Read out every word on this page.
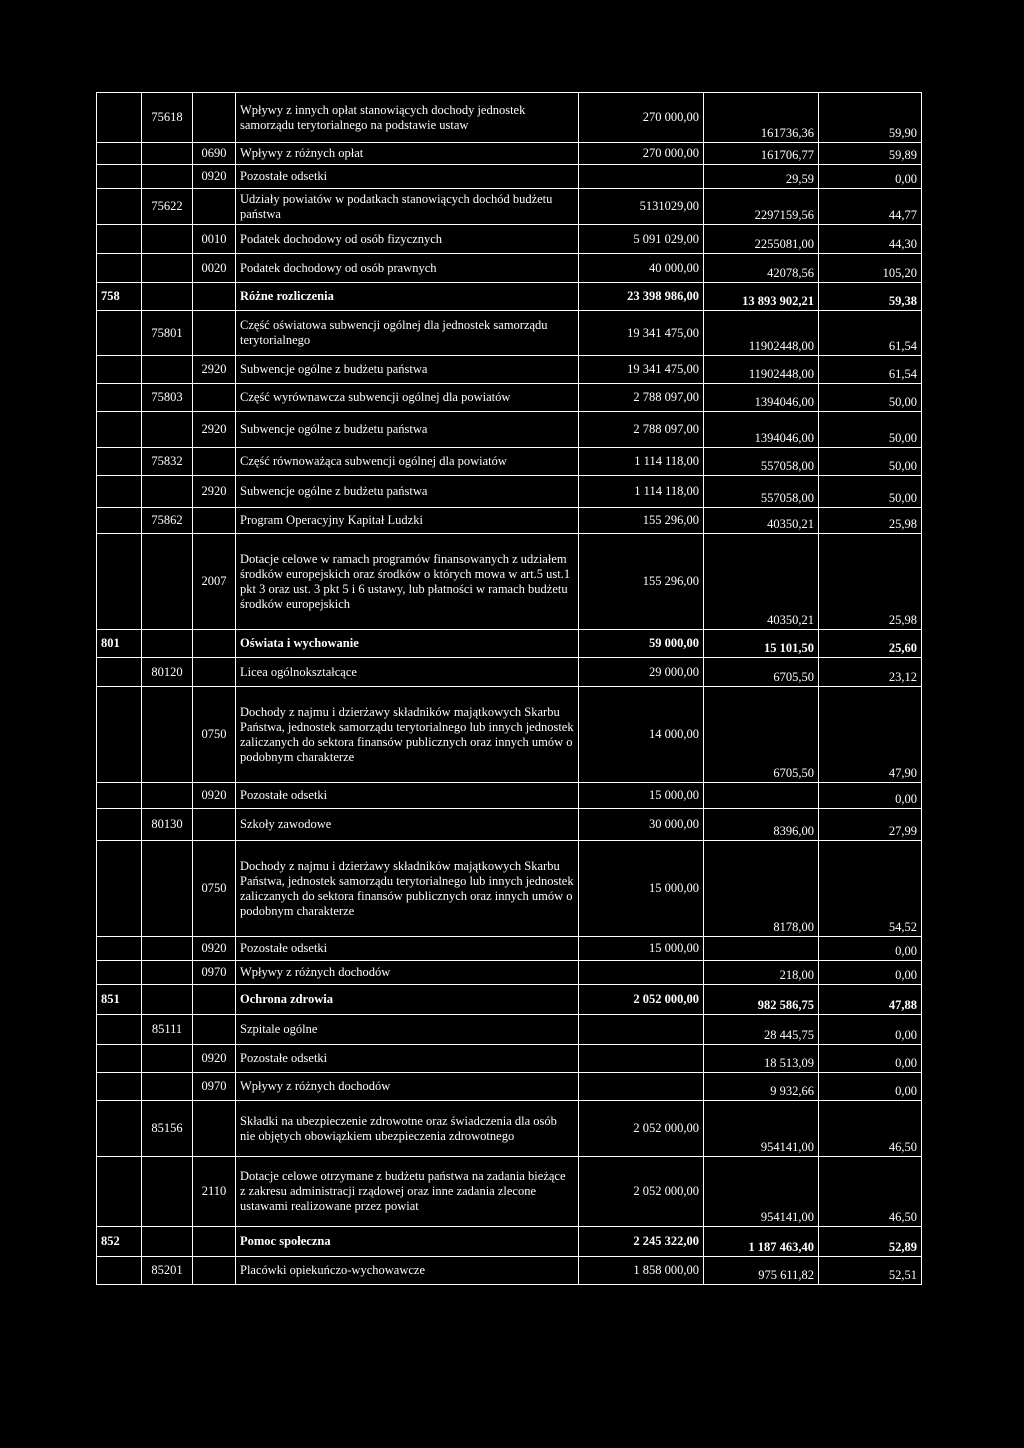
	75618		Wpływy z innych opłat stanowiących dochody jednostek samorządu terytorialnego na podstawie ustaw	270 000,00	161736,36	59,90
		0690	Wpływy z różnych opłat	270 000,00	161706,77	59,89
		0920	Pozostałe odsetki		29,59	0,00
	75622		Udziały powiatów w podatkach stanowiących dochód budżetu państwa	5131029,00	2297159,56	44,77
		0010	Podatek dochodowy od osób fizycznych	5 091 029,00	2255081,00	44,30
		0020	Podatek dochodowy od osób prawnych	40 000,00	42078,56	105,20
758			Różne rozliczenia	23 398 986,00	13 893 902,21	59,38
	75801		Część oświatowa subwencji ogólnej dla jednostek samorządu terytorialnego	19 341 475,00	11902448,00	61,54
		2920	Subwencje ogólne z budżetu państwa	19 341 475,00	11902448,00	61,54
	75803		Część wyrównawcza subwencji ogólnej dla powiatów	2 788 097,00	1394046,00	50,00
		2920	Subwencje ogólne z budżetu państwa	2 788 097,00	1394046,00	50,00
	75832		Część równoważąca subwencji ogólnej dla powiatów	1 114 118,00	557058,00	50,00
		2920	Subwencje ogólne z budżetu państwa	1 114 118,00	557058,00	50,00
	75862		Program Operacyjny Kapitał Ludzki	155 296,00	40350,21	25,98
		2007	Dotacje celowe w ramach programów finansowanych z udziałem środków europejskich oraz środków o których mowa w art.5 ust.1 pkt 3 oraz ust. 3 pkt 5 i 6 ustawy, lub płatności w ramach budżetu środków europejskich	155 296,00	40350,21	25,98
801			Oświata i wychowanie	59 000,00	15 101,50	25,60
	80120		Licea ogólnokształcące	29 000,00	6705,50	23,12
		0750	Dochody z najmu i dzierżawy składników majątkowych Skarbu Państwa, jednostek samorządu terytorialnego lub innych jednostek zaliczanych do sektora finansów publicznych oraz innych umów o podobnym charakterze	14 000,00	6705,50	47,90
		0920	Pozostałe odsetki	15 000,00		0,00
	80130		Szkoły zawodowe	30 000,00	8396,00	27,99
		0750	Dochody z najmu i dzierżawy składników majątkowych Skarbu Państwa, jednostek samorządu terytorialnego lub innych jednostek zaliczanych do sektora finansów publicznych oraz innych umów o podobnym charakterze	15 000,00	8178,00	54,52
		0920	Pozostałe odsetki	15 000,00		0,00
		0970	Wpływy z różnych dochodów		218,00	0,00
851			Ochrona zdrowia	2 052 000,00	982 586,75	47,88
	85111		Szpitale ogólne		28 445,75	0,00
		0920	Pozostałe odsetki		18 513,09	0,00
		0970	Wpływy z różnych dochodów		9 932,66	0,00
	85156		Składki na ubezpieczenie zdrowotne oraz świadczenia dla osób nie objętych obowiązkiem ubezpieczenia zdrowotnego	2 052 000,00	954141,00	46,50
		2110	Dotacje celowe otrzymane z budżetu państwa na zadania bieżące z zakresu administracji rządowej oraz inne zadania zlecone ustawami realizowane przez powiat	2 052 000,00	954141,00	46,50
852			Pomoc społeczna	2 245 322,00	1 187 463,40	52,89
	85201		Placówki opiekuńczo-wychowawcze	1 858 000,00	975 611,82	52,51
